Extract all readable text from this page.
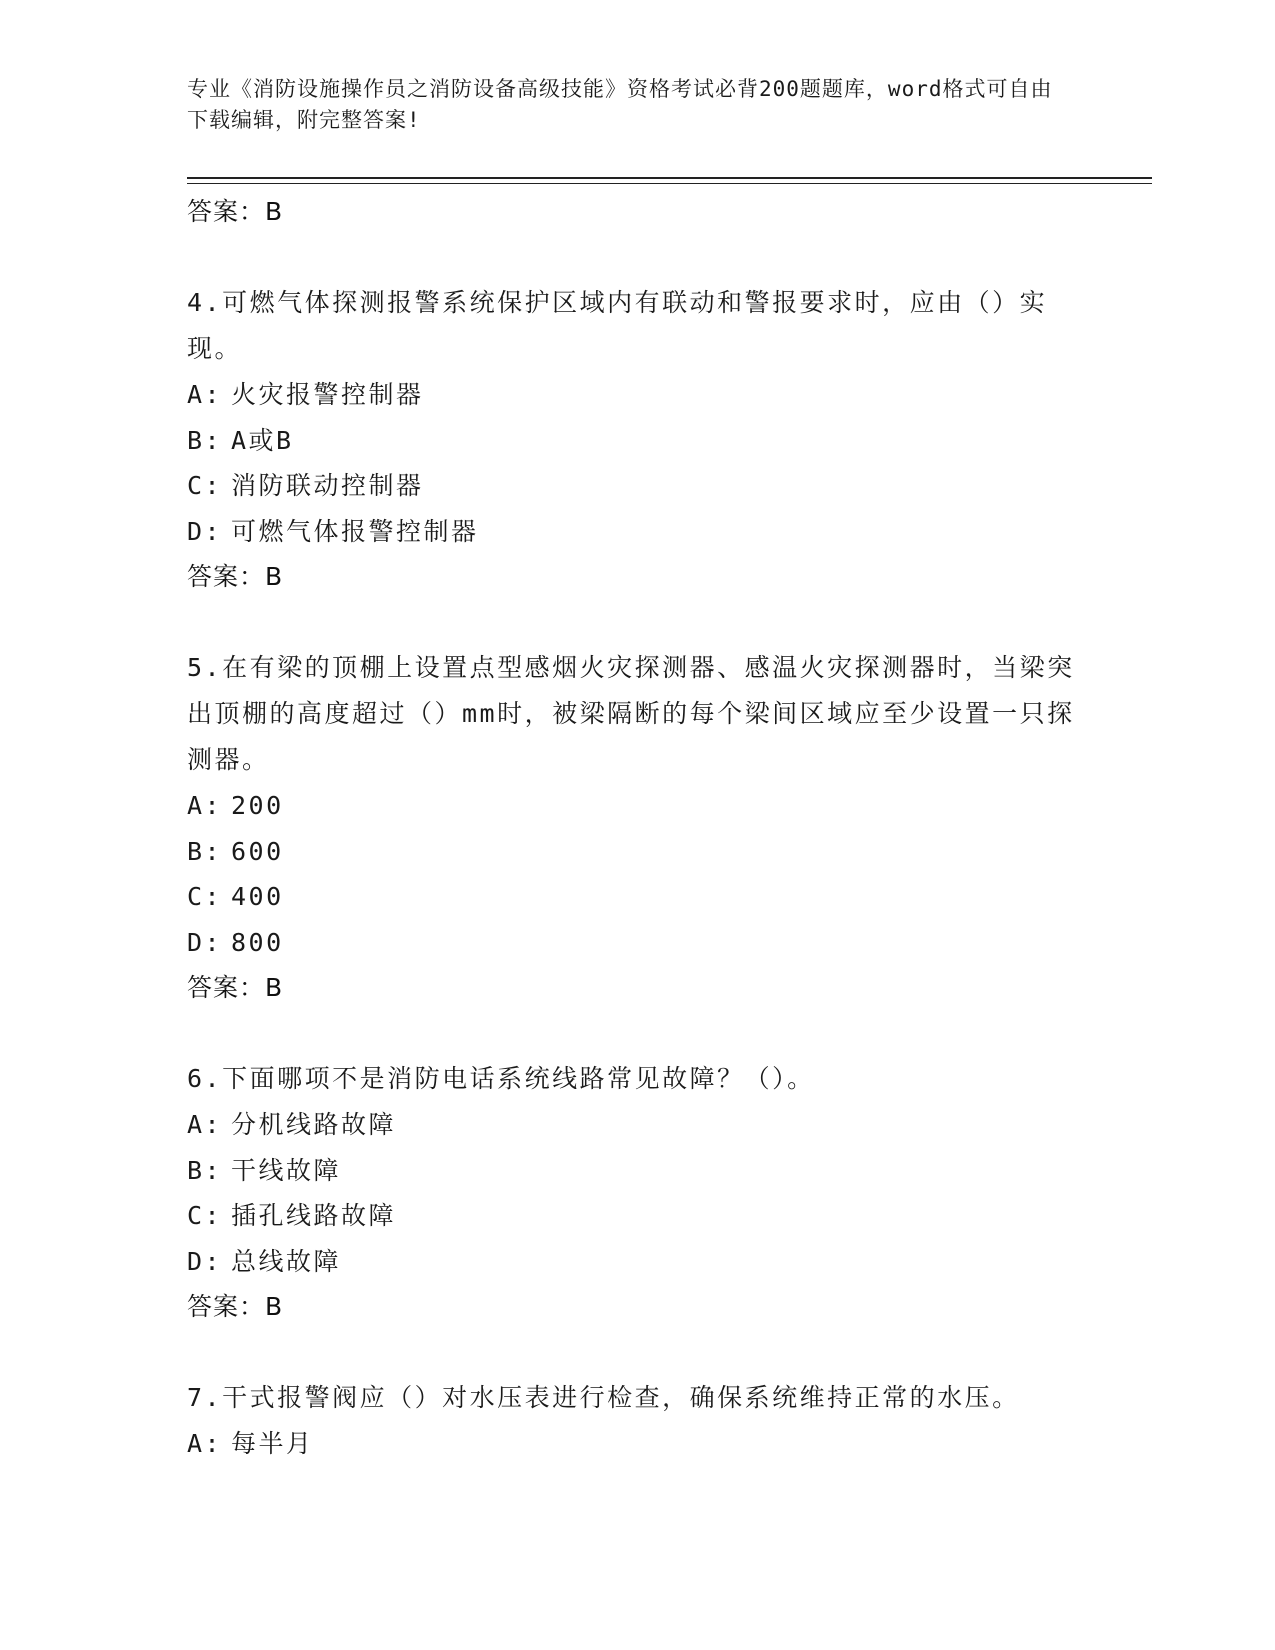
专业《消防设施操作员之消防设备高级技能》资格考试必背200题题库，word格式可自由下载编辑，附完整答案!
答案：B
4.可燃气体探测报警系统保护区域内有联动和警报要求时，应由（）实现。
A: 火灾报警控制器
B: A或B
C: 消防联动控制器
D: 可燃气体报警控制器
答案：B
5.在有梁的顶棚上设置点型感烟火灾探测器、感温火灾探测器时，当梁突出顶棚的高度超过（）mm时，被梁隔断的每个梁间区域应至少设置一只探测器。
A: 200
B: 600
C: 400
D: 800
答案：B
6.下面哪项不是消防电话系统线路常见故障？（）。
A: 分机线路故障
B: 干线故障
C: 插孔线路故障
D: 总线故障
答案：B
7.干式报警阀应（）对水压表进行检查，确保系统维持正常的水压。
A: 每半月
